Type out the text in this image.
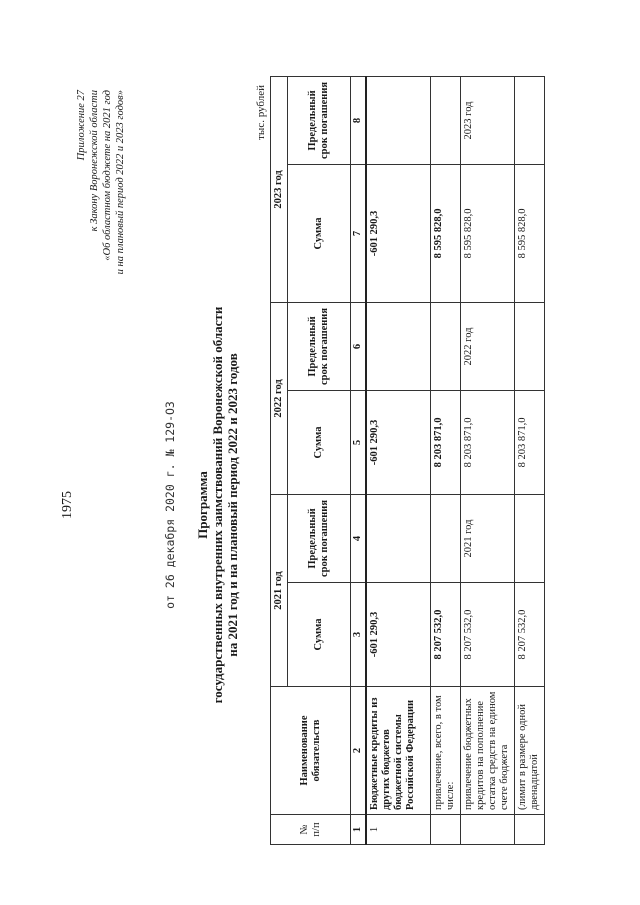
1975
Приложение 27 к Закону Воронежской области «Об областном бюджете на 2021 год и на плановый период 2022 и 2023 годов»
от 26 декабря 2020 г. № 129-ОЗ Программа государственных внутренних заимствований Воронежской области на 2021 год и на плановый период 2022 и 2023 годов
тыс. рублей
№ п/п	Наименование обязательств	2021 год		2022 год		2023 год	
		Сумма	Предельный срок погашения	Сумма	Предельный срок погашения	Сумма	Предельный срок погашения
1	2	3	4	5	6	7	8
1	Бюджетные кредиты из других бюджетов бюджетной системы Российской Федерации	-601 290,3		-601 290,3		-601 290,3	
	привлечение, всего, в том числе:	8 207 532,0		8 203 871,0		8 595 828,0	
	привлечение бюджетных кредитов на пополнение остатка средств на едином счете бюджета	8 207 532,0	2021 год	8 203 871,0	2022 год	8 595 828,0	2023 год
	(лимит в размере одной двенадцатой	8 207 532,0		8 203 871,0		8 595 828,0	
